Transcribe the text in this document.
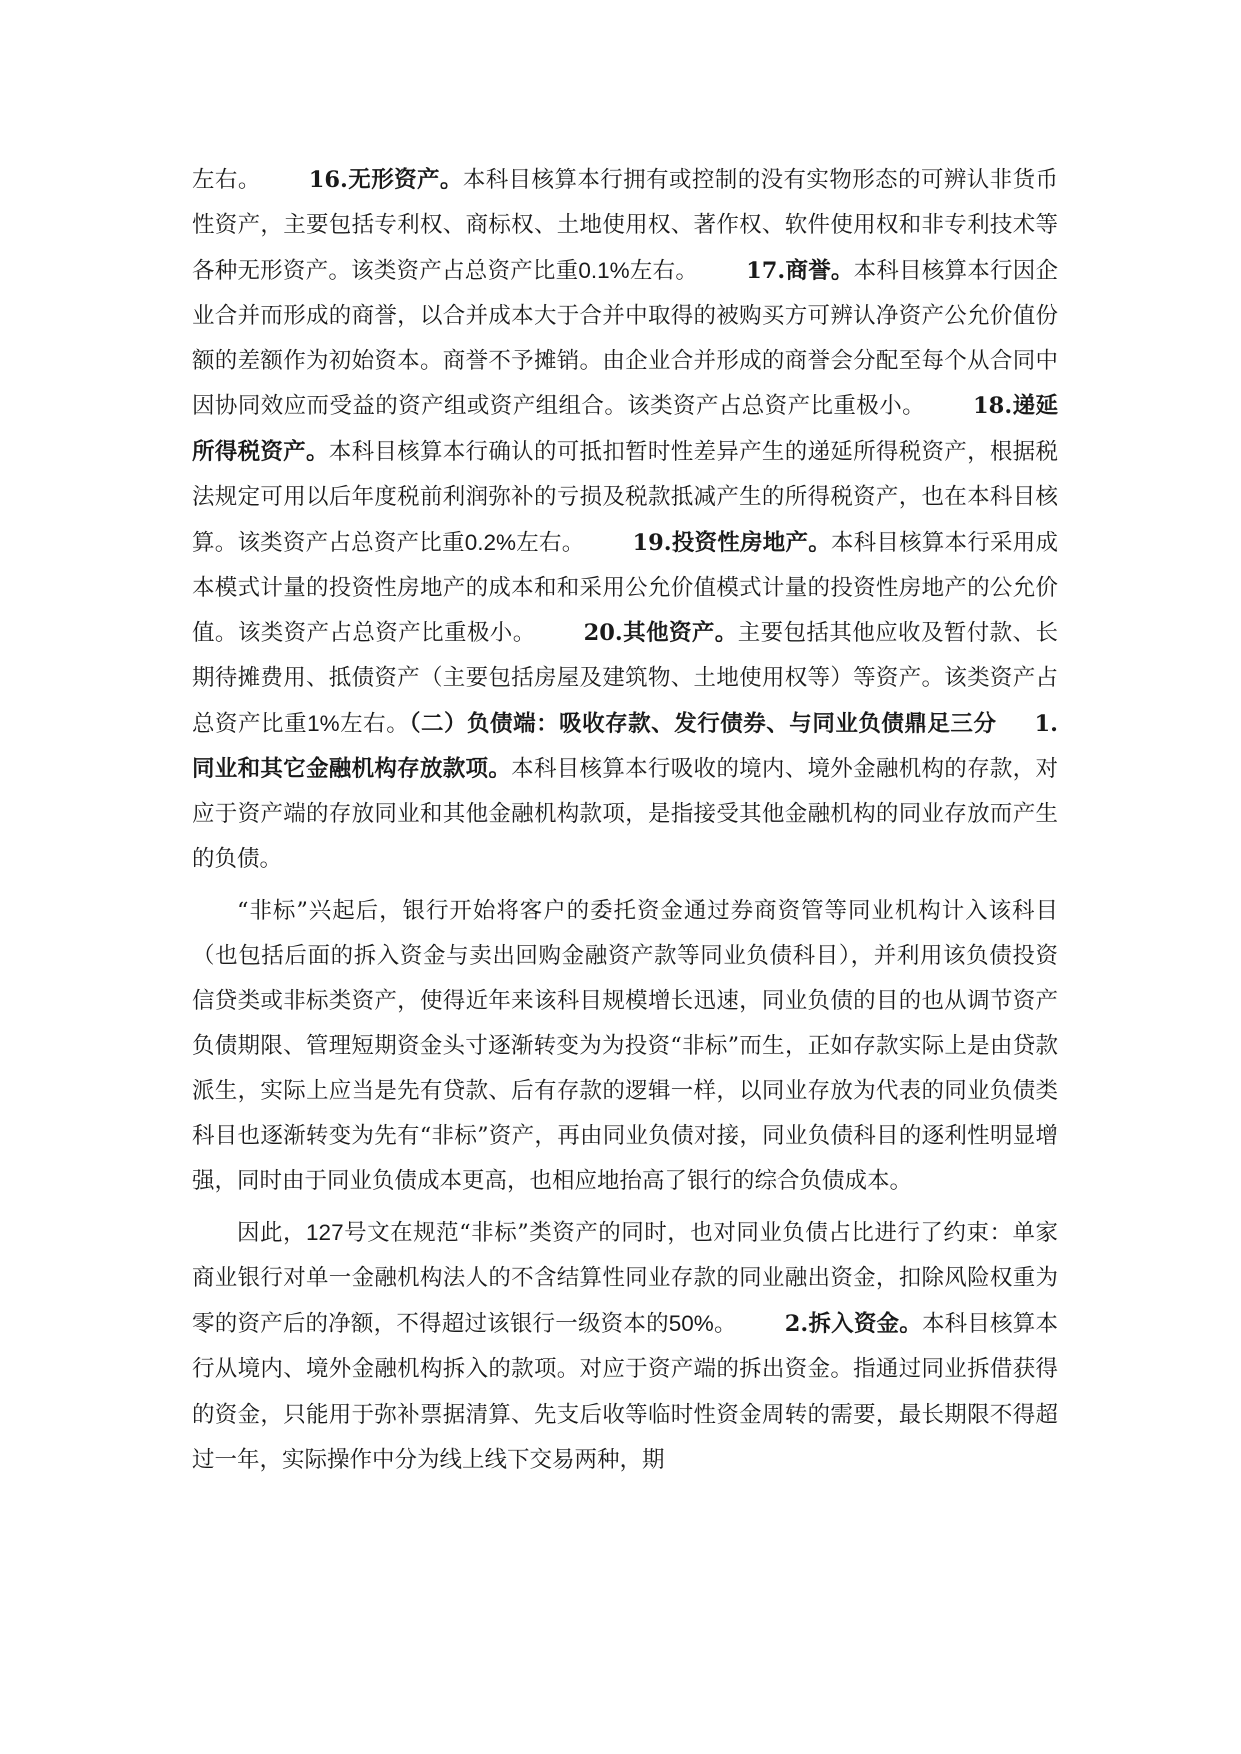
左右。 16.无形资产。本科目核算本行拥有或控制的没有实物形态的可辨认非货币性资产，主要包括专利权、商标权、土地使用权、著作权、软件使用权和非专利技术等各种无形资产。该类资产占总资产比重0.1%左右。 17.商誉。本科目核算本行因企业合并而形成的商誉，以合并成本大于合并中取得的被购买方可辨认净资产公允价值份额的差额作为初始资本。商誉不予摊销。由企业合并形成的商誉会分配至每个从合同中因协同效应而受益的资产组或资产组组合。该类资产占总资产比重极小。 18.递延所得税资产。本科目核算本行确认的可抵扣暂时性差异产生的递延所得税资产，根据税法规定可用以后年度税前利润弥补的亏损及税款抵减产生的所得税资产，也在本科目核算。该类资产占总资产比重0.2%左右。 19.投资性房地产。本科目核算本行采用成本模式计量的投资性房地产的成本和和采用公允价值模式计量的投资性房地产的公允价值。该类资产占总资产比重极小。 20.其他资产。主要包括其他应收及暂付款、长期待摊费用、抵债资产（主要包括房屋及建筑物、土地使用权等）等资产。该类资产占总资产比重1%左右。（二）负债端：吸收存款、发行债券、与同业负债鼎足三分 1.同业和其它金融机构存放款项。本科目核算本行吸收的境内、境外金融机构的存款，对应于资产端的存放同业和其他金融机构款项，是指接受其他金融机构的同业存放而产生的负债。

“非标”兴起后，银行开始将客户的委托资金通过券商资管等同业机构计入该科目（也包括后面的拆入资金与卖出回购金融资产款等同业负债科目），并利用该负债投资信贷类或非标类资产，使得近年来该科目规模增长迅速，同业负债的目的也从调节资产负债期限、管理短期资金头寸逐渐转变为为投资“非标”而生，正如存款实际上是由贷款派生，实际上应当是先有贷款、后有存款的逻辑一样，以同业存放为代表的同业负债类科目也逐渐转变为先有“非标”资产，再由同业负债对接，同业负债科目的逐利性明显增强，同时由于同业负债成本更高，也相应地抬高了银行的综合负债成本。

因此，127号文在规范“非标”类资产的同时，也对同业负债占比进行了约束：单家商业银行对单一金融机构法人的不含结算性同业存款的同业融出资金，扣除风险权重为零的资产后的净额，不得超过该银行一级资本的50%。 2.拆入资金。本科目核算本行从境内、境外金融机构拆入的款项。对应于资产端的拆出资金。指通过同业拆借获得的资金，只能用于弥补票据清算、先支后收等临时性资金周转的需要，最长期限不得超过一年，实际操作中分为线上线下交易两种，期
